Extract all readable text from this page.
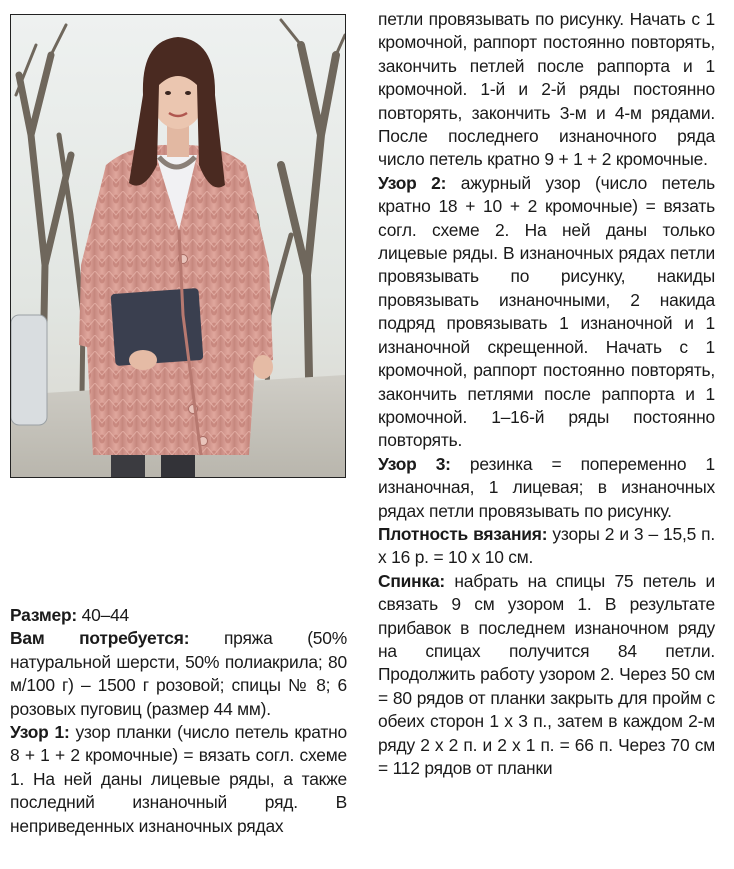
Размер: 40–44

Вам потребуется: пряжа (50% натуральной шерсти, 50% полиакрила; 80 м/100 г) – 1500 г розовой; спицы № 8; 6 розовых пуговиц (размер 44 мм).

Узор 1: узор планки (число петель кратно 8 + 1 + 2 кромочные) = вязать согл. схеме 1. На ней даны лицевые ряды, а также последний изнаночный ряд. В неприведенных изнаночных рядах

петли провязывать по рисунку. Начать с 1 кромочной, раппорт постоянно повторять, закончить петлей после раппорта и 1 кромочной. 1-й и 2-й ряды постоянно повторять, закончить 3-м и 4-м рядами. После последнего изнаночного ряда число петель кратно 9 + 1 + 2 кромочные.

Узор 2: ажурный узор (число петель кратно 18 + 10 + 2 кромочные) = вязать согл. схеме 2. На ней даны только лицевые ряды. В изнаночных рядах петли провязывать по рисунку, накиды провязывать изнаночными, 2 накида подряд провязывать 1 изнаночной и 1 изнаночной скрещенной. Начать с 1 кромочной, раппорт постоянно повторять, закончить петлями после раппорта и 1 кромочной. 1–16-й ряды постоянно повторять.

Узор 3: резинка = попеременно 1 изнаночная, 1 лицевая; в изнаночных рядах петли провязывать по рисунку.

Плотность вязания: узоры 2 и 3 – 15,5 п. х 16 р. = 10 х 10 см.

Спинка: набрать на спицы 75 петель и связать 9 см узором 1. В результате прибавок в последнем изнаночном ряду на спицах получится 84 петли. Продолжить работу узором 2. Через 50 см = 80 рядов от планки закрыть для пройм с обеих сторон 1 х 3 п., затем в каждом 2-м ряду 2 х 2 п. и 2 х 1 п. = 66 п. Через 70 см = 112 рядов от планки
